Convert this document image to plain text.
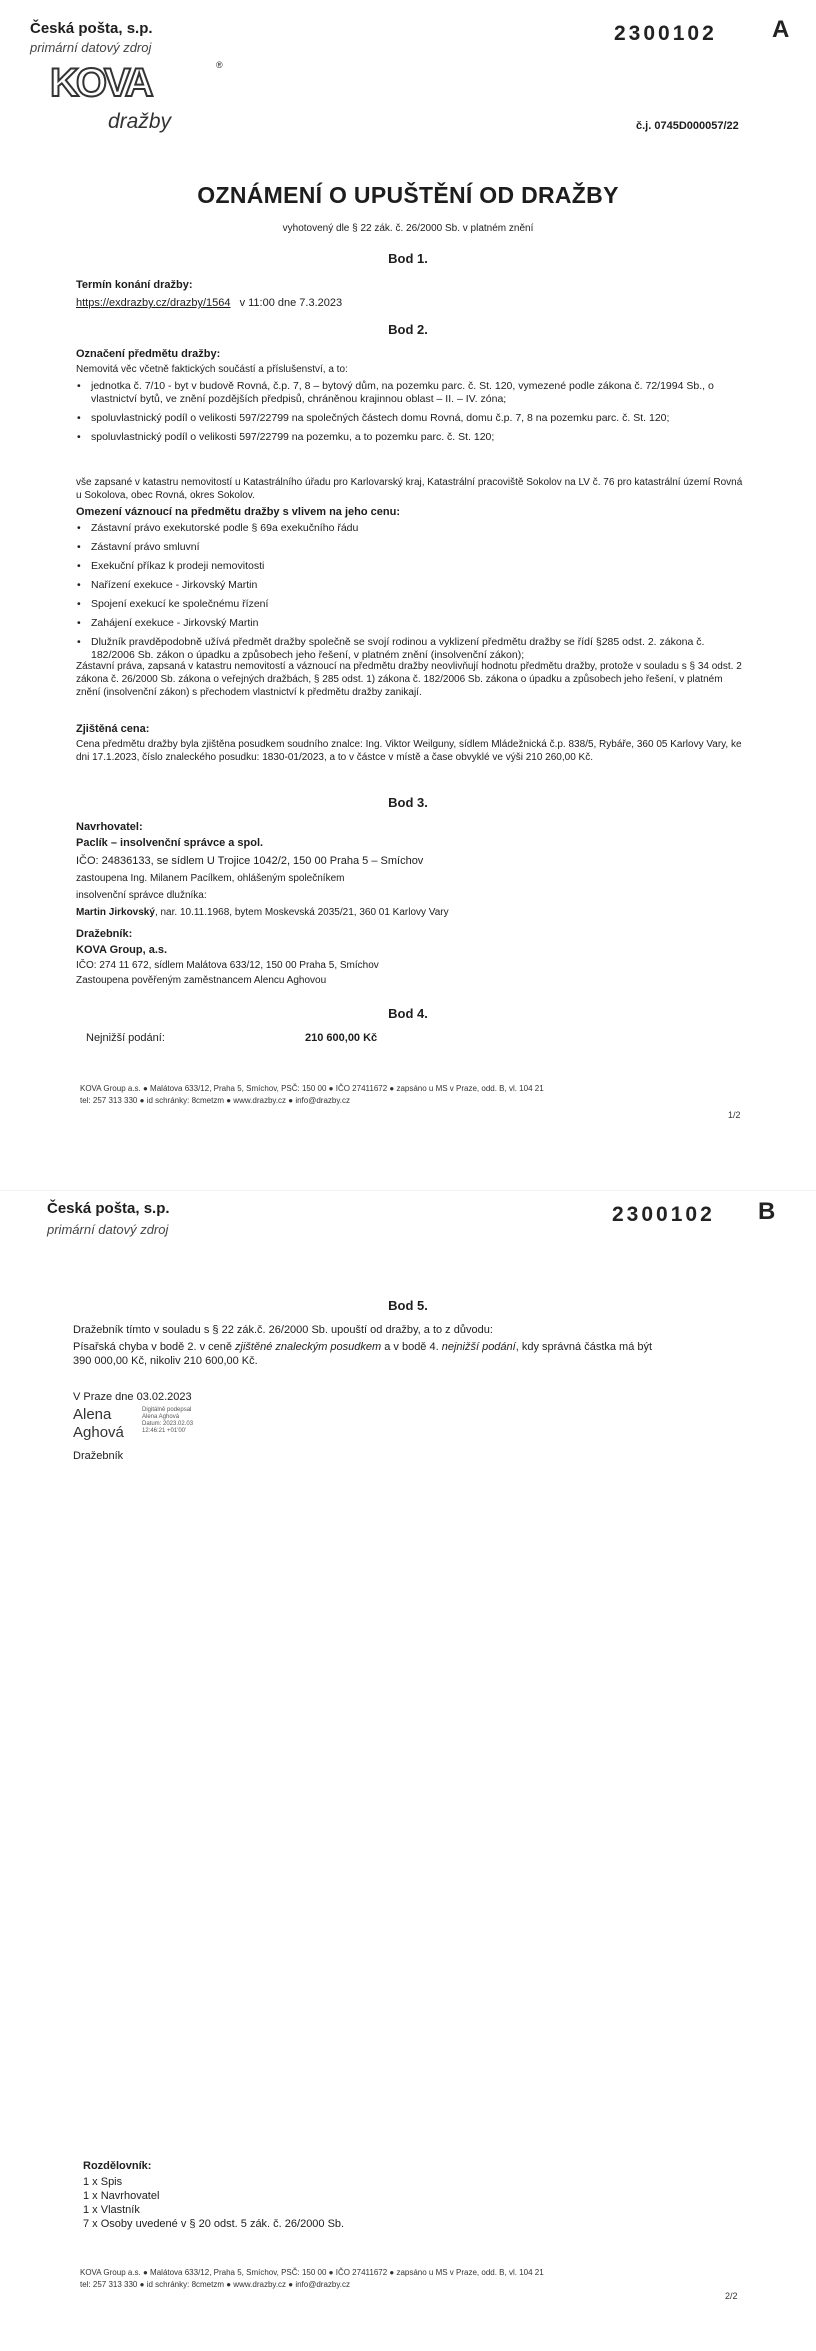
Česká pošta, s.p.
primární datový zdroj
KOVA	®
dražby
2300102 A
č.j. 0745D000057/22
OZNÁMENÍ O UPUŠTĚNÍ OD DRAŽBY
vyhotovený dle § 22 zák. č. 26/2000 Sb. v platném znění
Bod 1.
Termín konání dražby:
https://exdrazby.cz/drazby/1564 v 11:00 dne 7.3.2023
Bod 2.
Označení předmětu dražby:
Nemovitá věc včetně faktických součástí a příslušenství, a to:
• jednotka č. 7/10 - byt v budově Rovná, č.p. 7, 8 – bytový dům, na pozemku parc. č. St. 120, vymezené podle zákona č. 72/1994 Sb., o vlastnictví bytů, ve znění pozdějších předpisů, chráněnou krajinnou oblast – II. – IV. zóna;
• spoluvlastnický podíl o velikosti 597/22799 na společných částech domu Rovná, domu č.p. 7, 8 na pozemku parc. č. St. 120;
• spoluvlastnický podíl o velikosti 597/22799 na pozemku, a to pozemku parc. č. St. 120;
vše zapsané v katastru nemovitostí u Katastrálního úřadu pro Karlovarský kraj, Katastrální pracoviště Sokolov na LV č. 76 pro katastrální území Rovná u Sokolova, obec Rovná, okres Sokolov.
Omezení váznoucí na předmětu dražby s vlivem na jeho cenu:
• Zástavní právo exekutorské podle § 69a exekučního řádu
• Zástavní právo smluvní
• Exekuční příkaz k prodeji nemovitosti
• Nařízení exekuce - Jirkovský Martin
• Spojení exekucí ke společnému řízení
• Zahájení exekuce - Jirkovský Martin
• Dlužník pravděpodobně užívá předmět dražby společně se svojí rodinou a vyklizení předmětu dražby se řídí §285 odst. 2. zákona č. 182/2006 Sb. zákon o úpadku a způsobech jeho řešení, v platném znění (insolvenční zákon);
Zástavní práva, zapsaná v katastru nemovitostí a váznoucí na předmětu dražby neovlivňují hodnotu předmětu dražby, protože v souladu s § 34 odst. 2 zákona č. 26/2000 Sb. zákona o veřejných dražbách, § 285 odst. 1) zákona č. 182/2006 Sb. zákona o úpadku a způsobech jeho řešení, v platném znění (insolvenční zákon) s přechodem vlastnictví k předmětu dražby zanikají.
Zjištěná cena:
Cena předmětu dražby byla zjištěna posudkem soudního znalce: Ing. Viktor Weilguny, sídlem Mládežnická č.p. 838/5, Rybáře, 360 05 Karlovy Vary, ke dni 17.1.2023, číslo znaleckého posudku: 1830-01/2023, a to v částce v místě a čase obvyklé ve výši 210 260,00 Kč.
Bod 3.
Navrhovatel:
Paclík – insolvenční správce a spol.
IČO: 24836133, se sídlem U Trojice 1042/2, 150 00 Praha 5 – Smíchov
zastoupena Ing. Milanem Pacílkem, ohlášeným společníkem
insolvenční správce dlužníka:
Martin Jirkovský, nar. 10.11.1968, bytem Moskevská 2035/21, 360 01 Karlovy Vary
Dražebník:
KOVA Group, a.s.
IČO: 274 11 672, sídlem Malátova 633/12, 150 00 Praha 5, Smíchov
Zastoupena pověřeným zaměstnancem Alencu Aghovou
Bod 4.
Nejnižší podání:	210 600,00 Kč
KOVA Group a.s. ● Malátova 633/12, Praha 5, Smíchov, PSČ: 150 00 ● IČO 27411672 ● zapsáno u MS v Praze, odd. B, vl. 104 21
tel: 257 313 330 ● id schránky: 8cmetzm ● www.drazby.cz ● info@drazby.cz
1/2
Česká pošta, s.p.
primární datový zdroj
2300102 B
Bod 5.
Dražebník tímto v souladu s § 22 zák.č. 26/2000 Sb. upouští od dražby, a to z důvodu:
Písařská chyba v bodě 2. v ceně zjištěné znaleckým posudkem a v bodě 4. nejnižší podání, kdy správná částka má být
390 000,00 Kč, nikoliv 210 600,00 Kč.
V Praze dne 03.02.2023
Alena
Aghová
Digitálně podepsal
Alena Aghová
Datum: 2023.02.03
12:46:21 +01'00'
Dražebník
Rozdělovník:
1 x Spis
1 x Navrhovatel
1 x Vlastník
7 x Osoby uvedené v § 20 odst. 5 zák. č. 26/2000 Sb.
KOVA Group a.s. ● Malátova 633/12, Praha 5, Smíchov, PSČ: 150 00 ● IČO 27411672 ● zapsáno u MS v Praze, odd. B, vl. 104 21
tel: 257 313 330 ● id schránky: 8cmetzm ● www.drazby.cz ● info@drazby.cz
2/2
